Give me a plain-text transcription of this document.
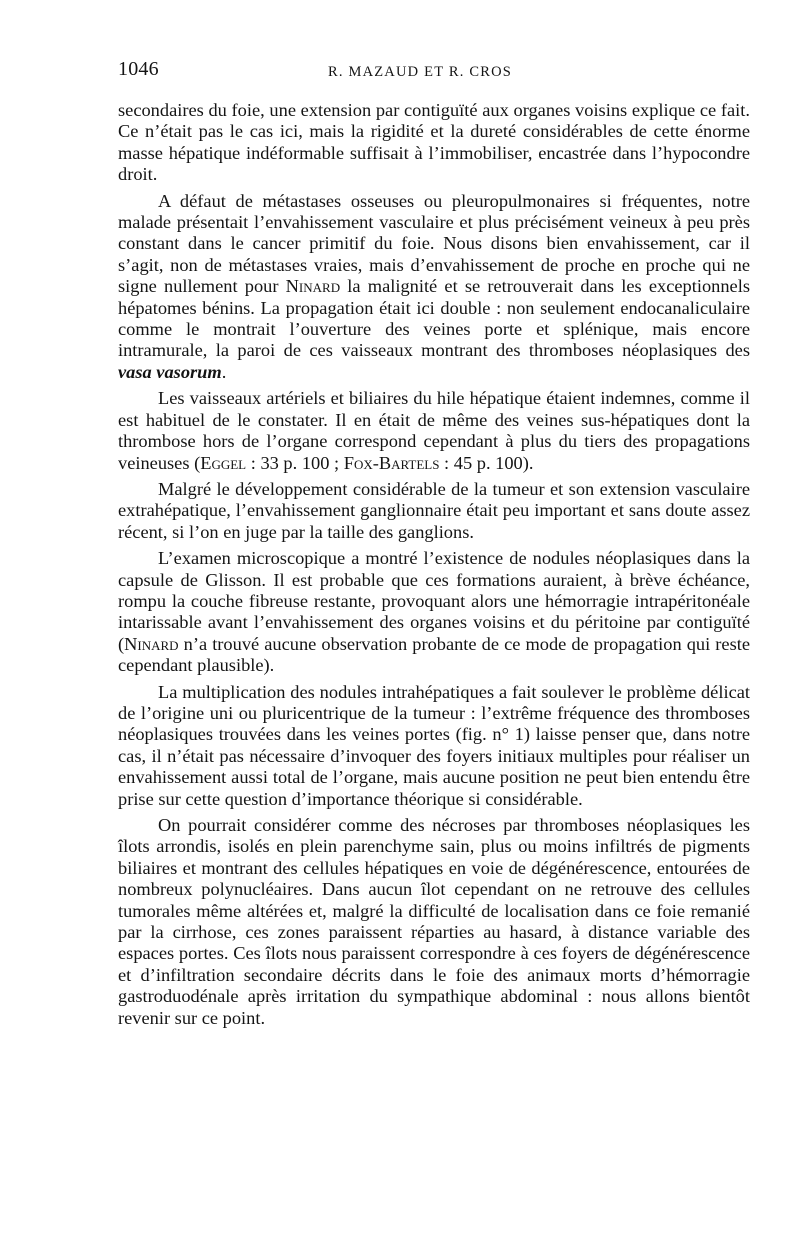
1046	R. MAZAUD ET R. CROS

secondaires du foie, une extension par contiguïté aux organes voisins explique ce fait. Ce n’était pas le cas ici, mais la rigidité et la dureté considérables de cette énorme masse hépatique indéformable suffisait à l’immobiliser, encastrée dans l’hypocondre droit.

A défaut de métastases osseuses ou pleuropulmonaires si fréquentes, notre malade présentait l’envahissement vasculaire et plus précisément veineux à peu près constant dans le cancer primitif du foie. Nous disons bien envahissement, car il s’agit, non de métastases vraies, mais d’envahissement de proche en proche qui ne signe nullement pour Ninard la malignité et se retrouverait dans les exceptionnels hépatomes bénins. La propagation était ici double : non seulement endocanaliculaire comme le montrait l’ouverture des veines porte et splénique, mais encore intramurale, la paroi de ces vaisseaux montrant des thromboses néoplasiques des vasa vasorum.

Les vaisseaux artériels et biliaires du hile hépatique étaient indemnes, comme il est habituel de le constater. Il en était de même des veines sus-hépatiques dont la thrombose hors de l’organe correspond cependant à plus du tiers des propagations veineuses (Eggel : 33 p. 100 ; Fox-Bartels : 45 p. 100).

Malgré le développement considérable de la tumeur et son extension vasculaire extrahépatique, l’envahissement ganglionnaire était peu important et sans doute assez récent, si l’on en juge par la taille des ganglions.

L’examen microscopique a montré l’existence de nodules néoplasiques dans la capsule de Glisson. Il est probable que ces formations auraient, à brève échéance, rompu la couche fibreuse restante, provoquant alors une hémorragie intrapéritonéale intarissable avant l’envahissement des organes voisins et du péritoine par contiguïté (Ninard n’a trouvé aucune observation probante de ce mode de propagation qui reste cependant plausible).

La multiplication des nodules intrahépatiques a fait soulever le problème délicat de l’origine uni ou pluricentrique de la tumeur : l’extrême fréquence des thromboses néoplasiques trouvées dans les veines portes (fig. n° 1) laisse penser que, dans notre cas, il n’était pas nécessaire d’invoquer des foyers initiaux multiples pour réaliser un envahissement aussi total de l’organe, mais aucune position ne peut bien entendu être prise sur cette question d’importance théorique si considérable.

On pourrait considérer comme des nécroses par thromboses néoplasiques les îlots arrondis, isolés en plein parenchyme sain, plus ou moins infiltrés de pigments biliaires et montrant des cellules hépatiques en voie de dégénérescence, entourées de nombreux polynucléaires. Dans aucun îlot cependant on ne retrouve des cellules tumorales même altérées et, malgré la difficulté de localisation dans ce foie remanié par la cirrhose, ces zones paraissent réparties au hasard, à distance variable des espaces portes. Ces îlots nous paraissent correspondre à ces foyers de dégénérescence et d’infiltration secondaire décrits dans le foie des animaux morts d’hémorragie gastroduodénale après irritation du sympathique abdominal : nous allons bientôt revenir sur ce point.
